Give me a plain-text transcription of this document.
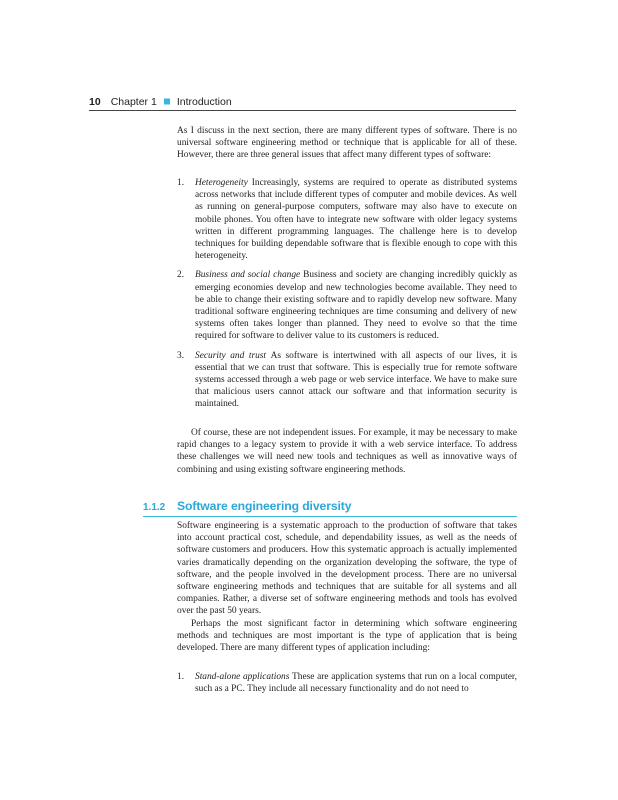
10 Chapter 1 Introduction

As I discuss in the next section, there are many different types of software. There is no universal software engineering method or technique that is applicable for all of these. However, there are three general issues that affect many different types of software:

1. Heterogeneity Increasingly, systems are required to operate as distributed systems across networks that include different types of computer and mobile devices. As well as running on general-purpose computers, software may also have to execute on mobile phones. You often have to integrate new software with older legacy systems written in different programming languages. The challenge here is to develop techniques for building dependable software that is flexible enough to cope with this heterogeneity.
2. Business and social change Business and society are changing incredibly quickly as emerging economies develop and new technologies become available. They need to be able to change their existing software and to rapidly develop new software. Many traditional software engineering techniques are time consuming and delivery of new systems often takes longer than planned. They need to evolve so that the time required for software to deliver value to its customers is reduced.
3. Security and trust As software is intertwined with all aspects of our lives, it is essential that we can trust that software. This is especially true for remote software systems accessed through a web page or web service interface. We have to make sure that malicious users cannot attack our software and that information security is maintained.

Of course, these are not independent issues. For example, it may be necessary to make rapid changes to a legacy system to provide it with a web service interface. To address these challenges we will need new tools and techniques as well as innovative ways of combining and using existing software engineering methods.

1.1.2 Software engineering diversity

Software engineering is a systematic approach to the production of software that takes into account practical cost, schedule, and dependability issues, as well as the needs of software customers and producers. How this systematic approach is actually implemented varies dramatically depending on the organization developing the software, the type of software, and the people involved in the development process. There are no universal software engineering methods and techniques that are suitable for all systems and all companies. Rather, a diverse set of software engineering methods and tools has evolved over the past 50 years.

Perhaps the most significant factor in determining which software engineering methods and techniques are most important is the type of application that is being developed. There are many different types of application including:

1. Stand-alone applications These are application systems that run on a local computer, such as a PC. They include all necessary functionality and do not need to
